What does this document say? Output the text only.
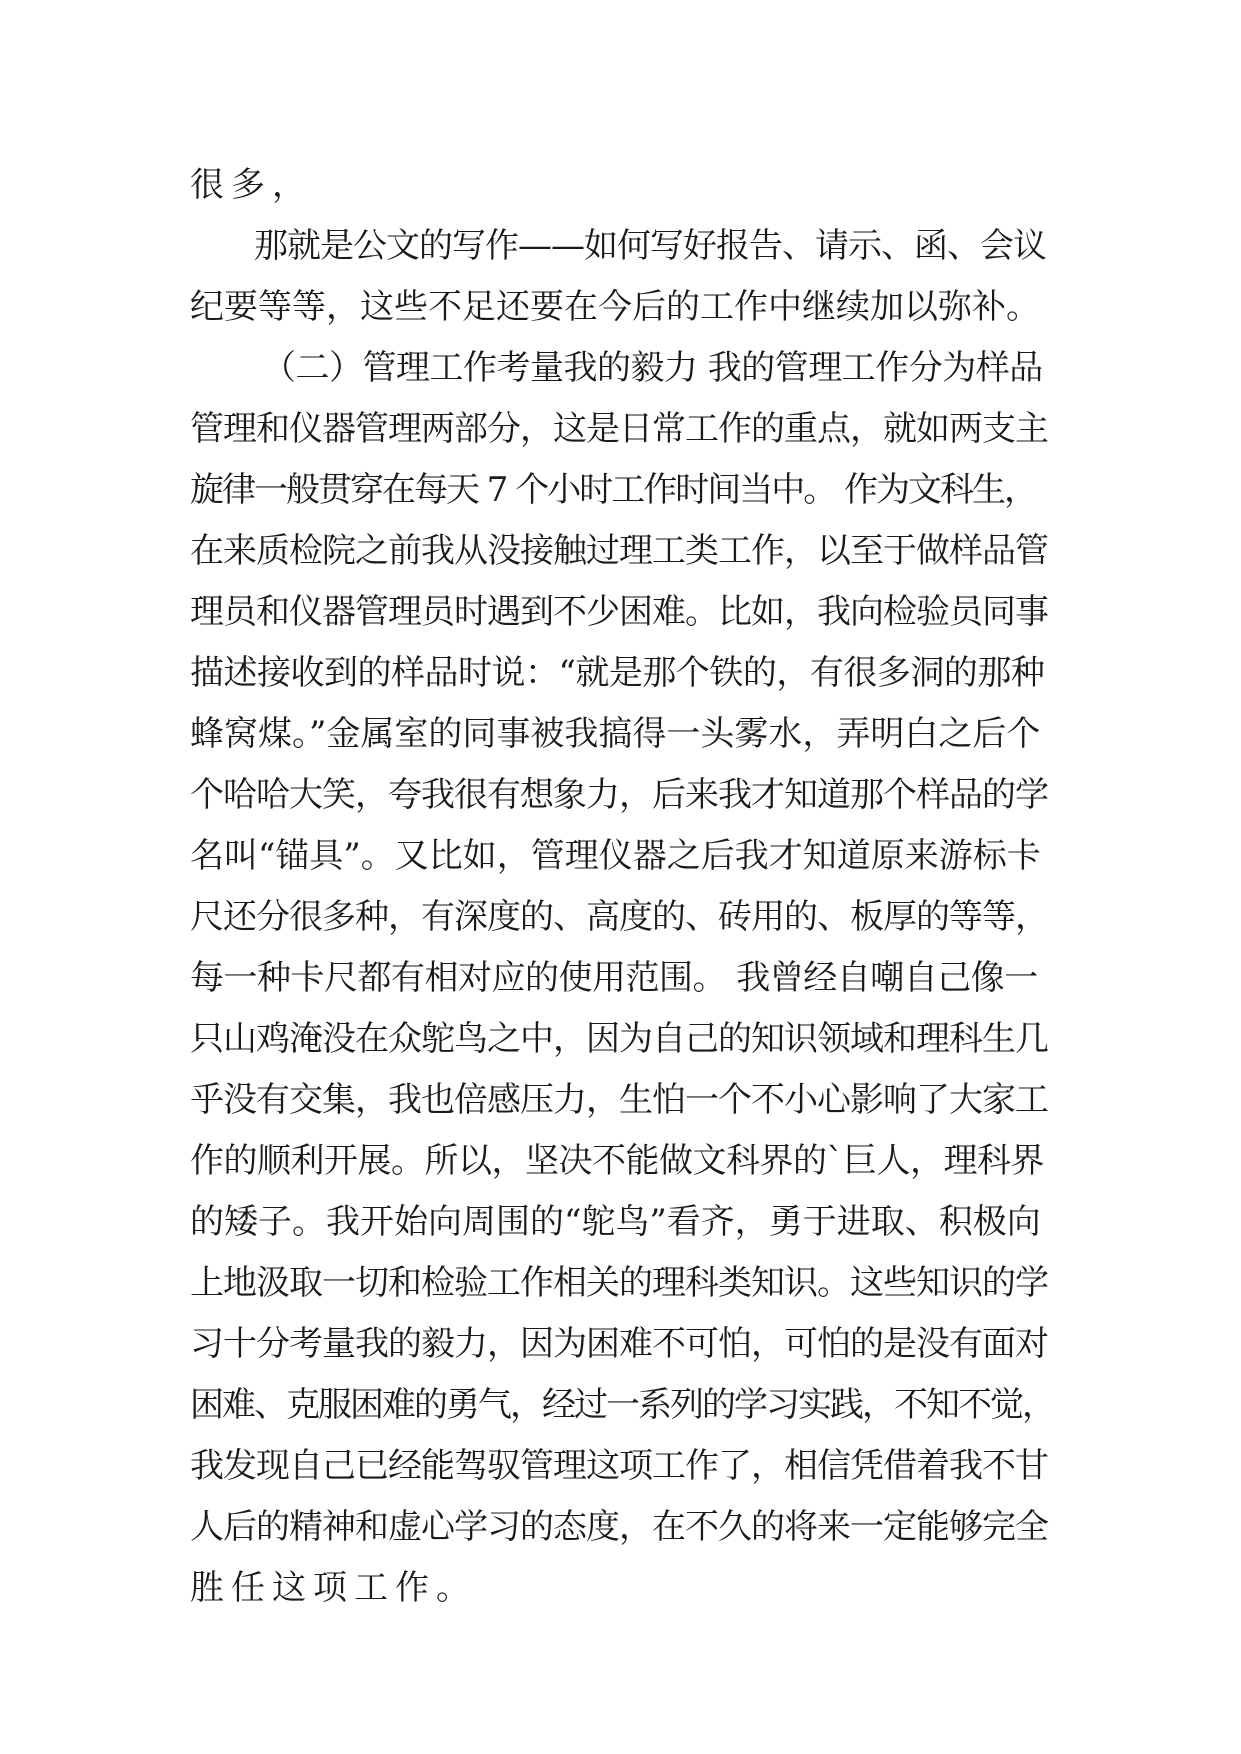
很多，
那就是公文的写作——如何写好报告、请示、函、会议
纪要等等，这些不足还要在今后的工作中继续加以弥补。
（二）管理工作考量我的毅力 我的管理工作分为样品
管理和仪器管理两部分，这是日常工作的重点，就如两支主
旋律一般贯穿在每天 7 个小时工作时间当中。 作为文科生，
在来质检院之前我从没接触过理工类工作，以至于做样品管
理员和仪器管理员时遇到不少困难。比如，我向检验员同事
描述接收到的样品时说：“就是那个铁的，有很多洞的那种
蜂窝煤。”金属室的同事被我搞得一头雾水，弄明白之后个
个哈哈大笑，夸我很有想象力，后来我才知道那个样品的学
名叫“锚具”。又比如，管理仪器之后我才知道原来游标卡
尺还分很多种，有深度的、高度的、砖用的、板厚的等等，
每一种卡尺都有相对应的使用范围。 我曾经自嘲自己像一
只山鸡淹没在众鸵鸟之中，因为自己的知识领域和理科生几
乎没有交集，我也倍感压力，生怕一个不小心影响了大家工
作的顺利开展。所以，坚决不能做文科界的`巨人，理科界
的矮子。我开始向周围的“鸵鸟”看齐，勇于进取、积极向
上地汲取一切和检验工作相关的理科类知识。这些知识的学
习十分考量我的毅力，因为困难不可怕，可怕的是没有面对
困难、克服困难的勇气，经过一系列的学习实践，不知不觉，
我发现自己已经能驾驭管理这项工作了，相信凭借着我不甘
人后的精神和虚心学习的态度，在不久的将来一定能够完全
胜任这项工作。
